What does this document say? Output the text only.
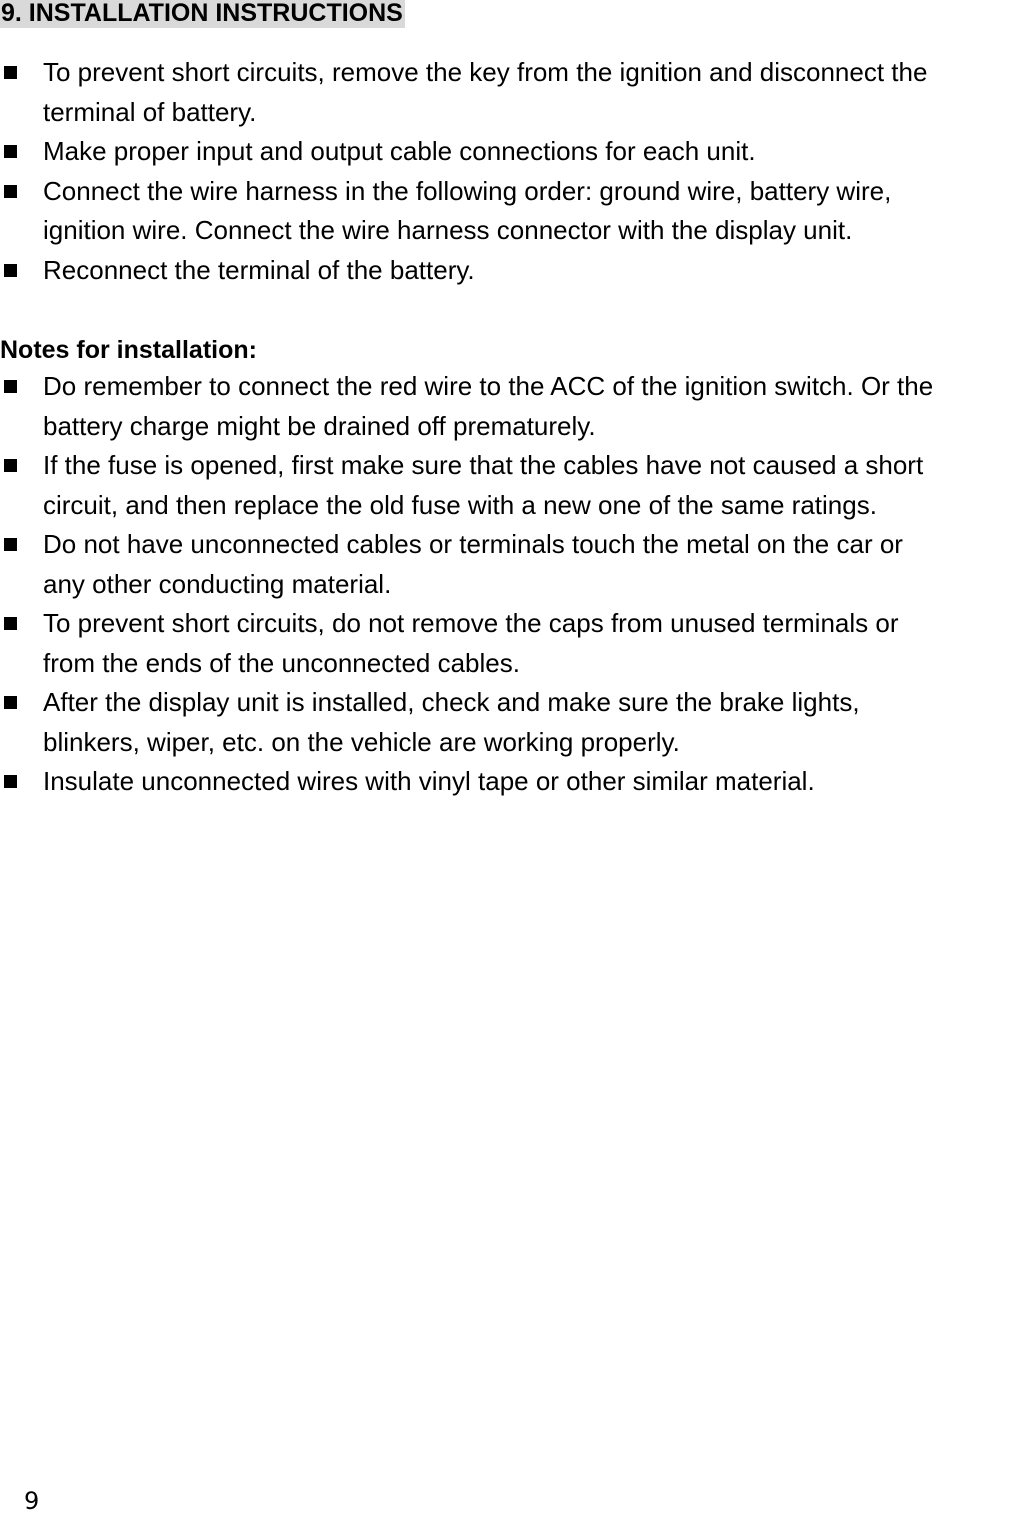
9. INSTALLATION INSTRUCTIONS
To prevent short circuits, remove the key from the ignition and disconnect the
terminal of battery.
Make proper input and output cable connections for each unit.
Connect the wire harness in the following order: ground wire, battery wire,
ignition wire. Connect the wire harness connector with the display unit.
Reconnect the terminal of the battery.
Notes for installation:
Do remember to connect the red wire to the ACC of the ignition switch. Or the
battery charge might be drained off prematurely.
If the fuse is opened, first make sure that the cables have not caused a short
circuit, and then replace the old fuse with a new one of the same ratings.
Do not have unconnected cables or terminals touch the metal on the car or
any other conducting material.
To prevent short circuits, do not remove the caps from unused terminals or
from the ends of the unconnected cables.
After the display unit is installed, check and make sure the brake lights,
blinkers, wiper, etc. on the vehicle are working properly.
Insulate unconnected wires with vinyl tape or other similar material.
9
